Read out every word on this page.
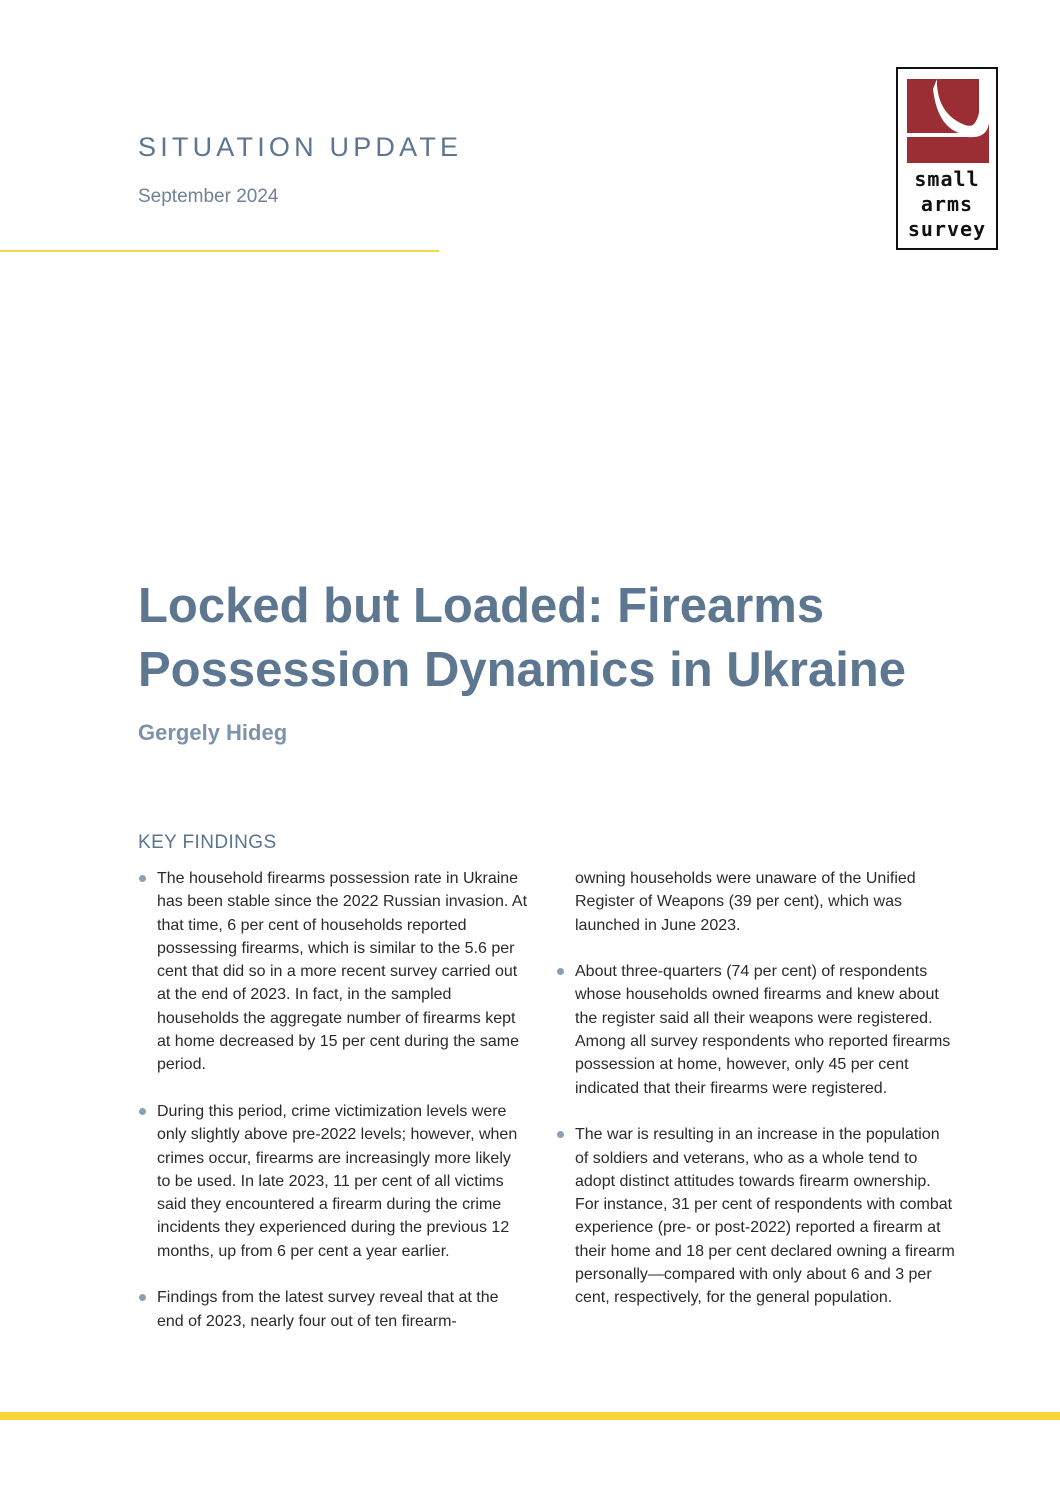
SITUATION UPDATE

September 2024

small
arms
survey
Locked but Loaded: Firearms Possession Dynamics in Ukraine

Gergely Hideg

KEY FINDINGS

The household firearms possession rate in Ukraine has been stable since the 2022 Russian invasion. At that time, 6 per cent of households reported possessing firearms, which is similar to the 5.6 per cent that did so in a more recent survey carried out at the end of 2023. In fact, in the sampled households the aggregate number of firearms kept at home decreased by 15 per cent during the same period.

During this period, crime victimization levels were only slightly above pre-2022 levels; however, when crimes occur, firearms are increasingly more likely to be used. In late 2023, 11 per cent of all victims said they encountered a firearm during the crime incidents they experienced during the previous 12 months, up from 6 per cent a year earlier.

Findings from the latest survey reveal that at the end of 2023, nearly four out of ten firearm-

owning households were unaware of the Unified Register of Weapons (39 per cent), which was launched in June 2023.

About three-quarters (74 per cent) of respondents whose households owned firearms and knew about the register said all their weapons were registered. Among all survey respondents who reported firearms possession at home, however, only 45 per cent indicated that their firearms were registered.

The war is resulting in an increase in the population of soldiers and veterans, who as a whole tend to adopt distinct attitudes towards firearm ownership. For instance, 31 per cent of respondents with combat experience (pre- or post-2022) reported a firearm at their home and 18 per cent declared owning a firearm personally—compared with only about 6 and 3 per cent, respectively, for the general population.
